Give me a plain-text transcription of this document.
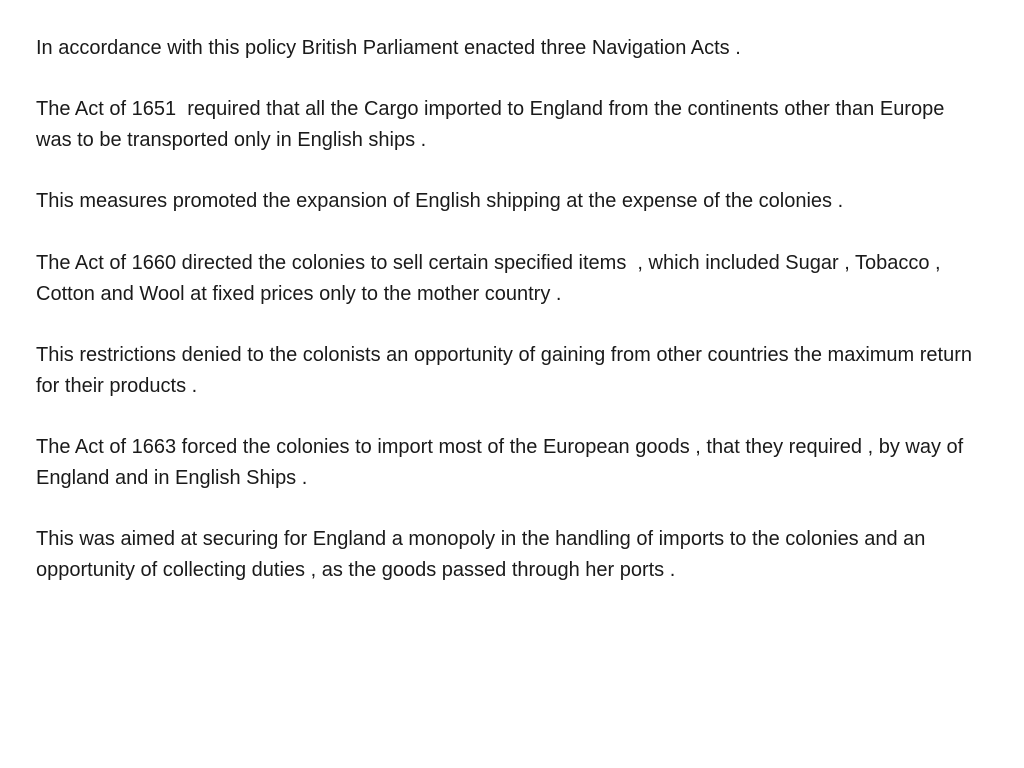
In accordance with this policy British Parliament enacted three Navigation Acts .

The Act of 1651  required that all the Cargo imported to England from the continents other than Europe was to be transported only in English ships .

This measures promoted the expansion of English shipping at the expense of the colonies .

The Act of 1660 directed the colonies to sell certain specified items  , which included Sugar , Tobacco , Cotton and Wool at fixed prices only to the mother country .

This restrictions denied to the colonists an opportunity of gaining from other countries the maximum return for their products .

The Act of 1663 forced the colonies to import most of the European goods , that they required , by way of England and in English Ships .

This was aimed at securing for England a monopoly in the handling of imports to the colonies and an opportunity of collecting duties , as the goods passed through her ports .
